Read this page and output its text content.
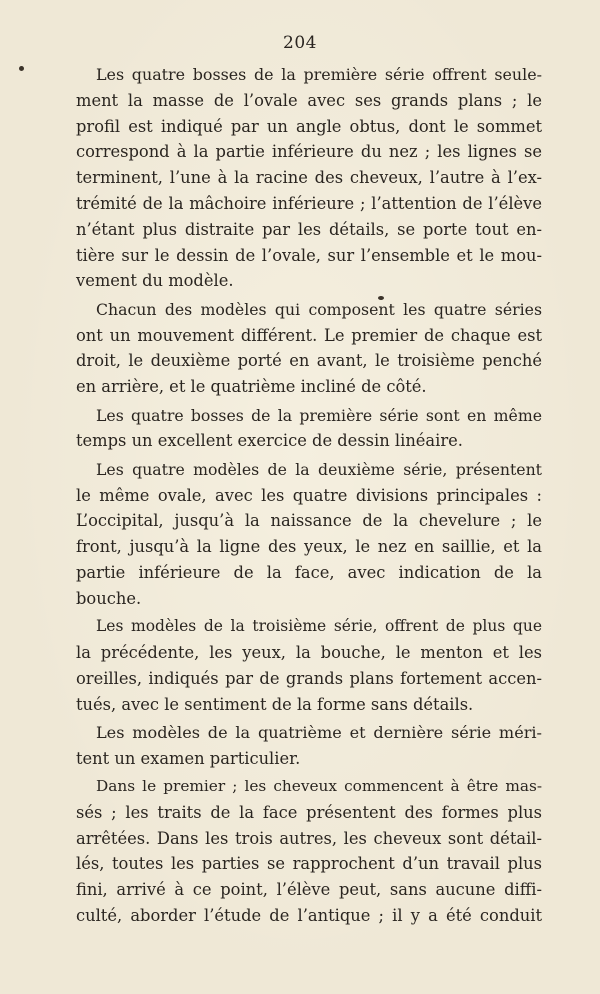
204
Les quatre bosses de la première série offrent seule-
ment la masse de l’ovale avec ses grands plans ; le
profil est indiqué par un angle obtus, dont le sommet
correspond à la partie inférieure du nez ; les lignes se
terminent, l’une à la racine des cheveux, l’autre à l’ex-
trémité de la mâchoire inférieure ; l’attention de l’élève
n’étant plus distraite par les détails, se porte tout en-
tière sur le dessin de l’ovale, sur l’ensemble et le mou-
vement du modèle.
Chacun des modèles qui composent les quatre séries
ont un mouvement différent. Le premier de chaque est
droit, le deuxième porté en avant, le troisième penché
en arrière, et le quatrième incliné de côté.
Les quatre bosses de la première série sont en même
temps un excellent exercice de dessin linéaire.
Les quatre modèles de la deuxième série, présentent
le même ovale, avec les quatre divisions principales :
L’occipital, jusqu’à la naissance de la chevelure ; le
front, jusqu’à la ligne des yeux, le nez en saillie, et la
partie inférieure de la face, avec indication de la
bouche.
Les modèles de la troisième série, offrent de plus que
la précédente, les yeux, la bouche, le menton et les
oreilles, indiqués par de grands plans fortement accen-
tués, avec le sentiment de la forme sans détails.
Les modèles de la quatrième et dernière série méri-
tent un examen particulier.
Dans le premier ; les cheveux commencent à être mas-
sés ; les traits de la face présentent des formes plus
arrêtées. Dans les trois autres, les cheveux sont détail-
lés, toutes les parties se rapprochent d’un travail plus
fini, arrivé à ce point, l’élève peut, sans aucune diffi-
culté, aborder l’étude de l’antique ; il y a été conduit
